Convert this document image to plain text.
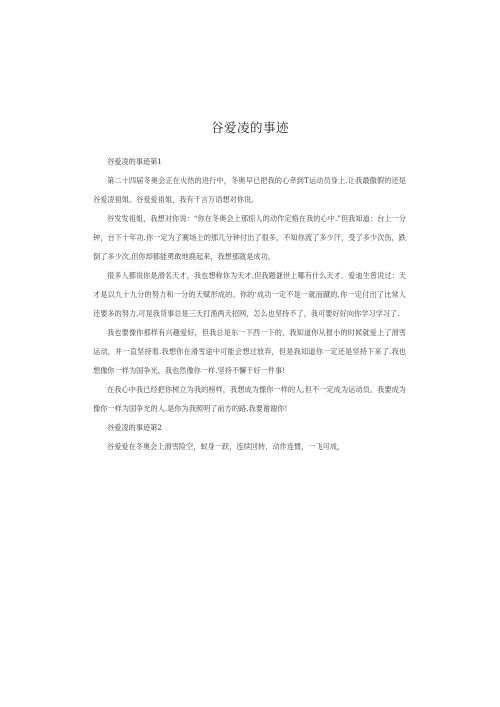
谷爱凌的事迹

谷爱凌的事迹第1

第二十四届冬奥会正在火热的进行中，冬奥早已把我的心牵到T运动员身上.让我最傲假的还是谷爱凌祖姐。谷爱爱祖姐，我有千言万语想对你说,

谷发发祖姐，我想对你说：“你在冬奥会上那惊人的动作定格在我的心中.”但我知道：台上一分钟，台下十年功.你一定为了赛场上的那几分钟付出了很多，不知你流了多少汗，受了多少次伤，跌倒了多少次,但你却都能勇敢地鹿起来，我想那就是成功。

很多人都说你是滑名天才，我也想称你为天才,但我题谜世上哪有什么天才。爱迪生曾说过：天才是以九十九分的努力和一分的天赋形成的。你的‘成功一定不是一就而蹴的,你一定付出了比常人还要多的努力,可是我货事总是三天打渔两天招网，怎么也坚持不了，我可要好好向你学习学习了.

我也要像你那样有兴趣爱好，但我总是东一下西一下的，我知道你从报小的时候就爱上了滑雪运动，并一直坚持着.我想你在滑雪途中可能会想过放弃，但是我知道你一定还是坚持下来了.我也想像你一样为国争光，我也然像你一样.坚持不懈干好一件事!

在我心中我已经把你树立为我的榜样，我想成为像你一样的人,但不一定成为运动员。我要成为像你一样为国争光的人.是你为我照明了前方的路,我要谢谢你!

谷爱凌的事迹第2

谷爱爱在冬奥会上滑雪险空，蚁身一跃，连续回转，动作连惯，一飞可成，
